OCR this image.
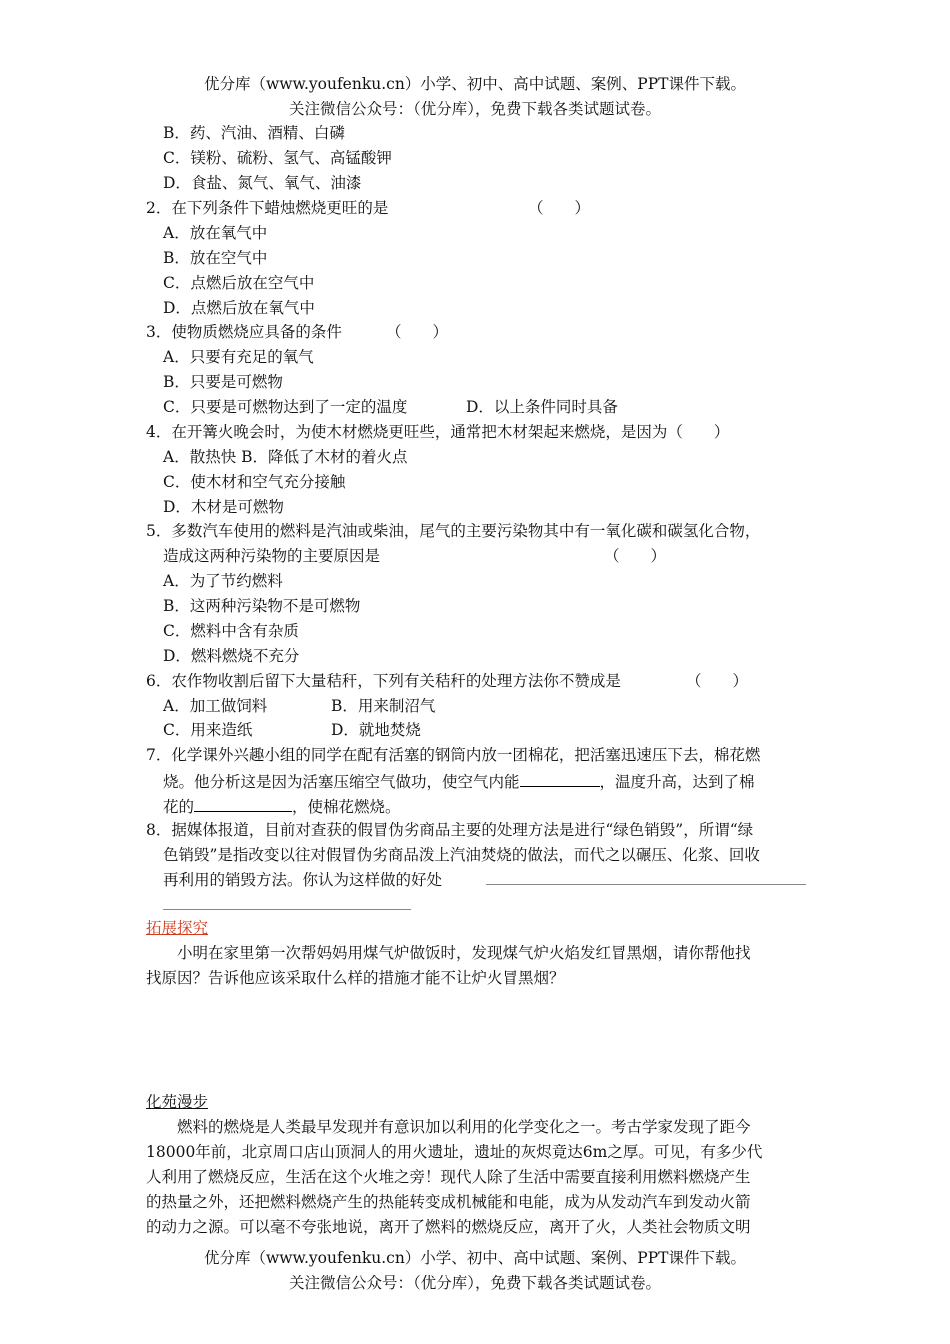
优分库（www.youfenku.cn）小学、初中、高中试题、案例、PPT课件下载。
关注微信公众号：（优分库），免费下载各类试题试卷。
B．药、汽油、酒精、白磷
C．镁粉、硫粉、氢气、高锰酸钾
D．食盐、氮气、氧气、油漆
2．在下列条件下蜡烛燃烧更旺的是	（　　）
A．放在氧气中
B．放在空气中
C．点燃后放在空气中
D．点燃后放在氧气中
3．使物质燃烧应具备的条件	（　　）
A．只要有充足的氧气
B．只要是可燃物
C．只要是可燃物达到了一定的温度	D．以上条件同时具备
4．在开篝火晚会时，为使木材燃烧更旺些，通常把木材架起来燃烧，是因为（　　）
A．散热快 B．降低了木材的着火点
C．使木材和空气充分接触
D．木材是可燃物
5．多数汽车使用的燃料是汽油或柴油，尾气的主要污染物其中有一氧化碳和碳氢化合物，
造成这两种污染物的主要原因是	（　　）
A．为了节约燃料
B．这两种污染物不是可燃物
C．燃料中含有杂质
D．燃料燃烧不充分
6．农作物收割后留下大量秸秆，下列有关秸秆的处理方法你不赞成是	（　　）
A．加工做饲料	B．用来制沼气
C．用来造纸	D．就地焚烧
7．化学课外兴趣小组的同学在配有活塞的钢筒内放一团棉花，把活塞迅速压下去，棉花燃
烧。他分析这是因为活塞压缩空气做功，使空气内能	，温度升高，达到了棉
花的	，使棉花燃烧。
8．据媒体报道，目前对查获的假冒伪劣商品主要的处理方法是进行“绿色销毁”，所谓“绿
色销毁”是指改变以往对假冒伪劣商品泼上汽油焚烧的做法，而代之以碾压、化浆、回收
再利用的销毁方法。你认为这样做的好处
拓展探究
小明在家里第一次帮妈妈用煤气炉做饭时，发现煤气炉火焰发红冒黑烟，请你帮他找
找原因？告诉他应该采取什么样的措施才能不让炉火冒黑烟？
化苑漫步
燃料的燃烧是人类最早发现并有意识加以利用的化学变化之一。考古学家发现了距今
18000年前，北京周口店山顶洞人的用火遗址，遗址的灰烬竟达6m之厚。可见，有多少代
人利用了燃烧反应，生活在这个火堆之旁！现代人除了生活中需要直接利用燃料燃烧产生
的热量之外，还把燃料燃烧产生的热能转变成机械能和电能，成为从发动汽车到发动火箭
的动力之源。可以毫不夸张地说，离开了燃料的燃烧反应，离开了火，人类社会物质文明
优分库（www.youfenku.cn）小学、初中、高中试题、案例、PPT课件下载。
关注微信公众号：（优分库），免费下载各类试题试卷。
